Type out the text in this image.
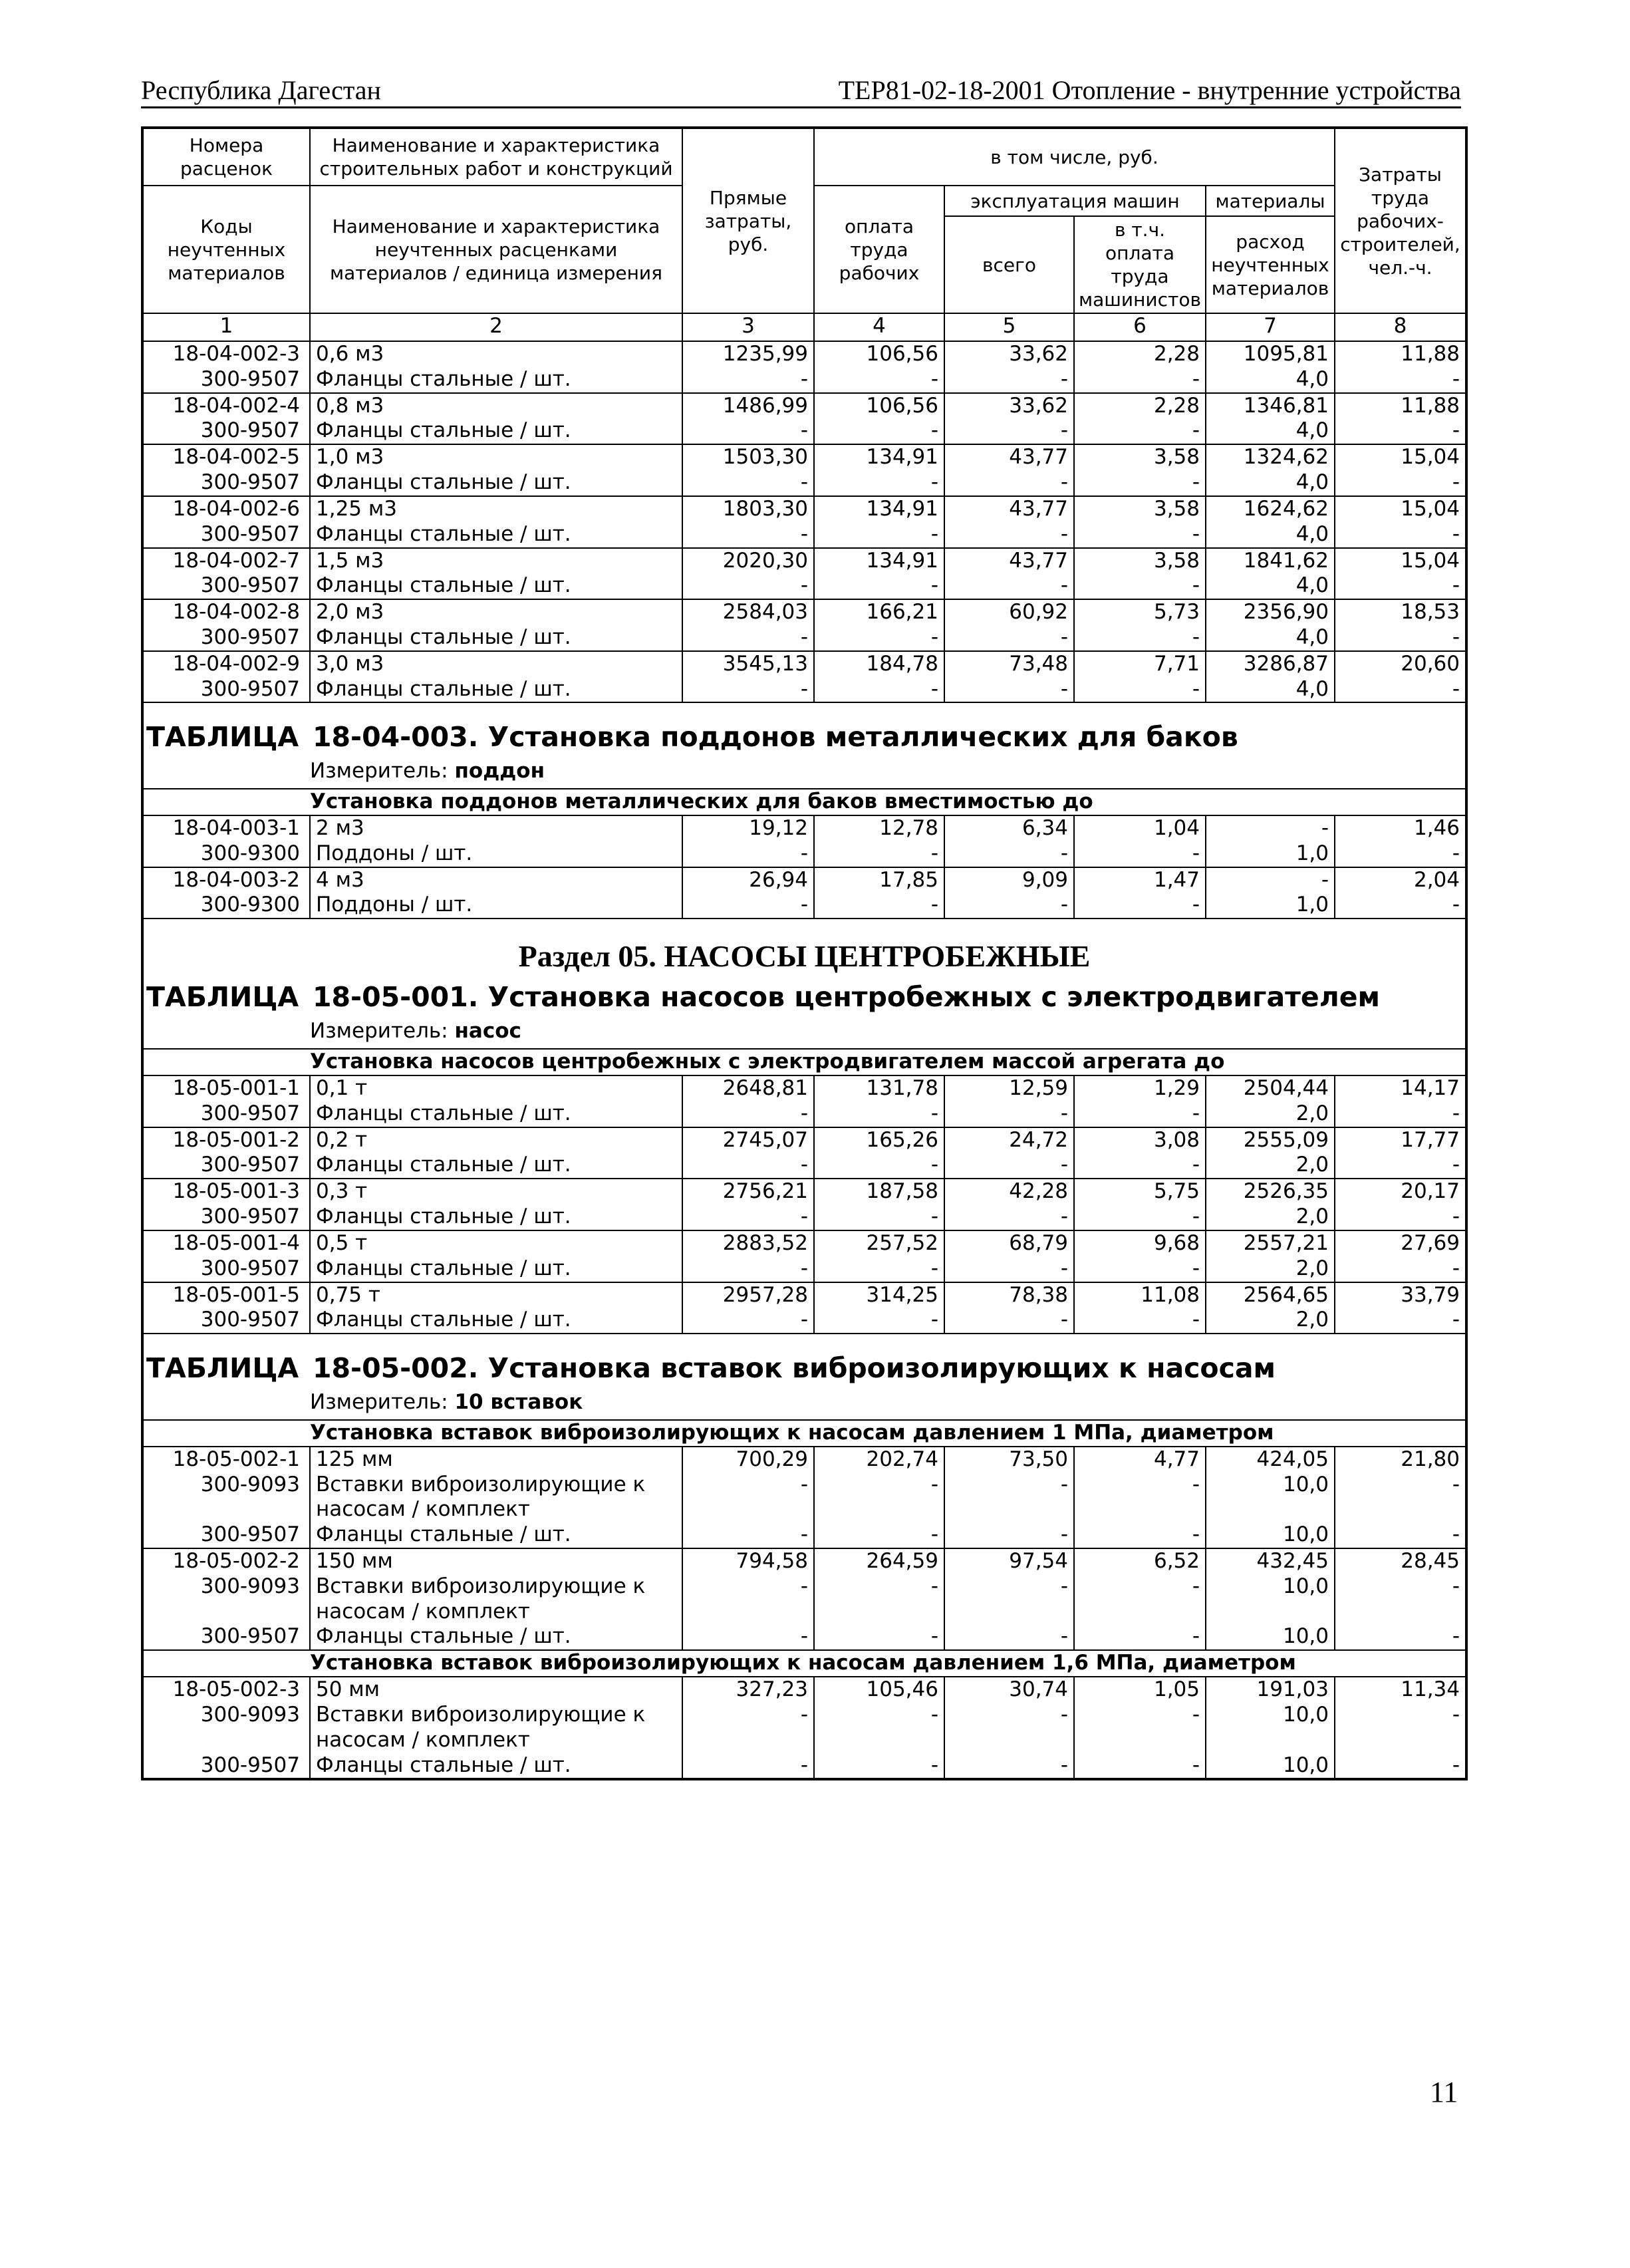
Республика Дагестан	ТЕР81-02-18-2001 Отопление - внутренние устройства
Номера расценок	Наименование и характеристика строительных работ и конструкций	Прямые затраты, руб.	в том числе, руб.				Затраты труда рабочих-строителей, чел.-ч.
Коды неучтенных материалов	Наименование и характеристика неучтенных расценками материалов / единица измерения		оплата труда рабочих	эксплуатация машин		материалы	
				всего	в т.ч. оплата труда машинистов	расход неучтенных материалов	
1	2	3	4	5	6	7	8
18-04-002-3	0,6 м3	1235,99	106,56	33,62	2,28	1095,81	11,88
300-9507	Фланцы стальные / шт.	-	-	-	-	4,0	-
18-04-002-4	0,8 м3	1486,99	106,56	33,62	2,28	1346,81	11,88
300-9507	Фланцы стальные / шт.	-	-	-	-	4,0	-
18-04-002-5	1,0 м3	1503,30	134,91	43,77	3,58	1324,62	15,04
300-9507	Фланцы стальные / шт.	-	-	-	-	4,0	-
18-04-002-6	1,25 м3	1803,30	134,91	43,77	3,58	1624,62	15,04
300-9507	Фланцы стальные / шт.	-	-	-	-	4,0	-
18-04-002-7	1,5 м3	2020,30	134,91	43,77	3,58	1841,62	15,04
300-9507	Фланцы стальные / шт.	-	-	-	-	4,0	-
18-04-002-8	2,0 м3	2584,03	166,21	60,92	5,73	2356,90	18,53
300-9507	Фланцы стальные / шт.	-	-	-	-	4,0	-
18-04-002-9	3,0 м3	3545,13	184,78	73,48	7,71	3286,87	20,60
300-9507	Фланцы стальные / шт.	-	-	-	-	4,0	-
ТАБЛИЦА 18-04-003. Установка поддонов металлических для баков
Измеритель: поддон
Установка поддонов металлических для баков вместимостью до
18-04-003-1	2 м3	19,12	12,78	6,34	1,04	-	1,46
300-9300	Поддоны / шт.	-	-	-	-	1,0	-
18-04-003-2	4 м3	26,94	17,85	9,09	1,47	-	2,04
300-9300	Поддоны / шт.	-	-	-	-	1,0	-
Раздел 05. НАСОСЫ ЦЕНТРОБЕЖНЫЕ
ТАБЛИЦА 18-05-001. Установка насосов центробежных с электродвигателем
Измеритель: насос
Установка насосов центробежных с электродвигателем массой агрегата до
18-05-001-1	0,1 т	2648,81	131,78	12,59	1,29	2504,44	14,17
300-9507	Фланцы стальные / шт.	-	-	-	-	2,0	-
18-05-001-2	0,2 т	2745,07	165,26	24,72	3,08	2555,09	17,77
300-9507	Фланцы стальные / шт.	-	-	-	-	2,0	-
18-05-001-3	0,3 т	2756,21	187,58	42,28	5,75	2526,35	20,17
300-9507	Фланцы стальные / шт.	-	-	-	-	2,0	-
18-05-001-4	0,5 т	2883,52	257,52	68,79	9,68	2557,21	27,69
300-9507	Фланцы стальные / шт.	-	-	-	-	2,0	-
18-05-001-5	0,75 т	2957,28	314,25	78,38	11,08	2564,65	33,79
300-9507	Фланцы стальные / шт.	-	-	-	-	2,0	-
ТАБЛИЦА 18-05-002. Установка вставок виброизолирующих к насосам
Измеритель: 10 вставок
Установка вставок виброизолирующих к насосам давлением 1 МПа, диаметром
18-05-002-1	125 мм	700,29	202,74	73,50	4,77	424,05	21,80
300-9093	Вставки виброизолирующие к насосам / комплект	-	-	-	-	10,0	-
300-9507	Фланцы стальные / шт.	-	-	-	-	10,0	-
18-05-002-2	150 мм	794,58	264,59	97,54	6,52	432,45	28,45
300-9093	Вставки виброизолирующие к насосам / комплект	-	-	-	-	10,0	-
300-9507	Фланцы стальные / шт.	-	-	-	-	10,0	-
Установка вставок виброизолирующих к насосам давлением 1,6 МПа, диаметром
18-05-002-3	50 мм	327,23	105,46	30,74	1,05	191,03	11,34
300-9093	Вставки виброизолирующие к насосам / комплект	-	-	-	-	10,0	-
300-9507	Фланцы стальные / шт.	-	-	-	-	10,0	-
11
